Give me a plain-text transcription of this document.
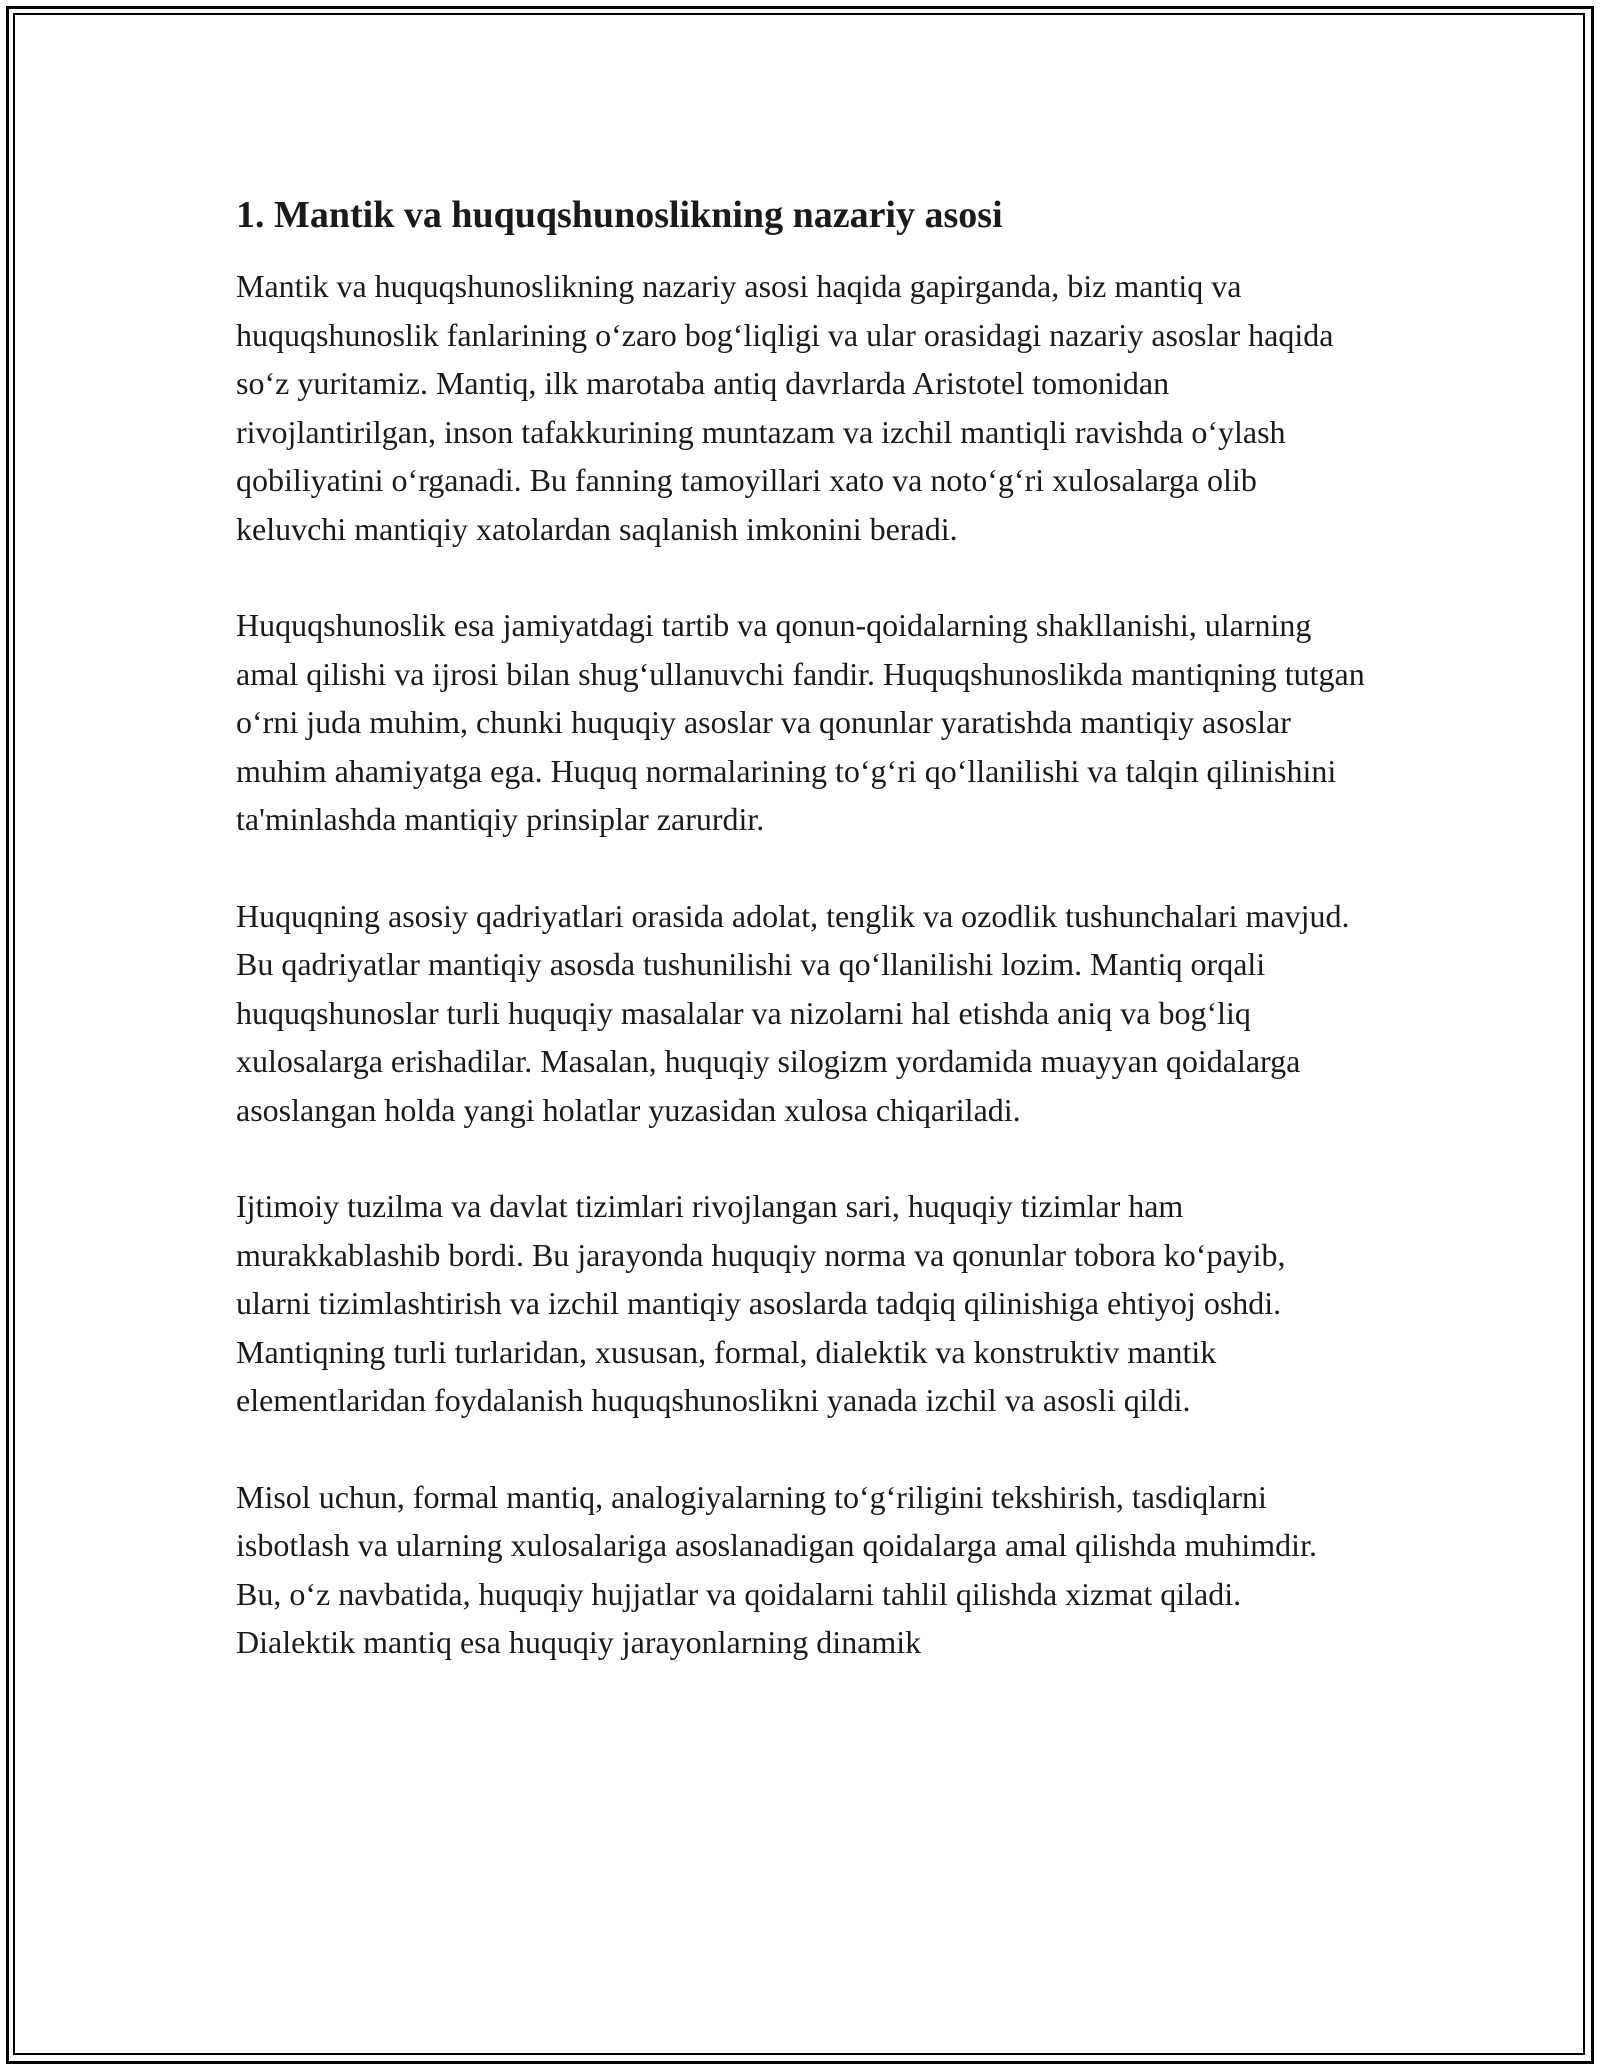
1. Mantik va huquqshunoslikning nazariy asosi

Mantik va huquqshunoslikning nazariy asosi haqida gapirganda, biz mantiq va huquqshunoslik fanlarining o‘zaro bog‘liqligi va ular orasidagi nazariy asoslar haqida so‘z yuritamiz. Mantiq, ilk marotaba antiq davrlarda Aristotel tomonidan rivojlantirilgan, inson tafakkurining muntazam va izchil mantiqli ravishda o‘ylash qobiliyatini o‘rganadi. Bu fanning tamoyillari xato va noto‘g‘ri xulosalarga olib keluvchi mantiqiy xatolardan saqlanish imkonini beradi.

Huquqshunoslik esa jamiyatdagi tartib va qonun-qoidalarning shakllanishi, ularning amal qilishi va ijrosi bilan shug‘ullanuvchi fandir. Huquqshunoslikda mantiqning tutgan o‘rni juda muhim, chunki huquqiy asoslar va qonunlar yaratishda mantiqiy asoslar muhim ahamiyatga ega. Huquq normalarining to‘g‘ri qo‘llanilishi va talqin qilinishini ta'minlashda mantiqiy prinsiplar zarurdir.

Huquqning asosiy qadriyatlari orasida adolat, tenglik va ozodlik tushunchalari mavjud. Bu qadriyatlar mantiqiy asosda tushunilishi va qo‘llanilishi lozim. Mantiq orqali huquqshunoslar turli huquqiy masalalar va nizolarni hal etishda aniq va bog‘liq xulosalarga erishadilar. Masalan, huquqiy silogizm yordamida muayyan qoidalarga asoslangan holda yangi holatlar yuzasidan xulosa chiqariladi.

Ijtimoiy tuzilma va davlat tizimlari rivojlangan sari, huquqiy tizimlar ham murakkablashib bordi. Bu jarayonda huquqiy norma va qonunlar tobora ko‘payib, ularni tizimlashtirish va izchil mantiqiy asoslarda tadqiq qilinishiga ehtiyoj oshdi. Mantiqning turli turlaridan, xususan, formal, dialektik va konstruktiv mantik elementlaridan foydalanish huquqshunoslikni yanada izchil va asosli qildi.

Misol uchun, formal mantiq, analogiyalarning to‘g‘riligini tekshirish, tasdiqlarni isbotlash va ularning xulosalariga asoslanadigan qoidalarga amal qilishda muhimdir. Bu, o‘z navbatida, huquqiy hujjatlar va qoidalarni tahlil qilishda xizmat qiladi. Dialektik mantiq esa huquqiy jarayonlarning dinamik
